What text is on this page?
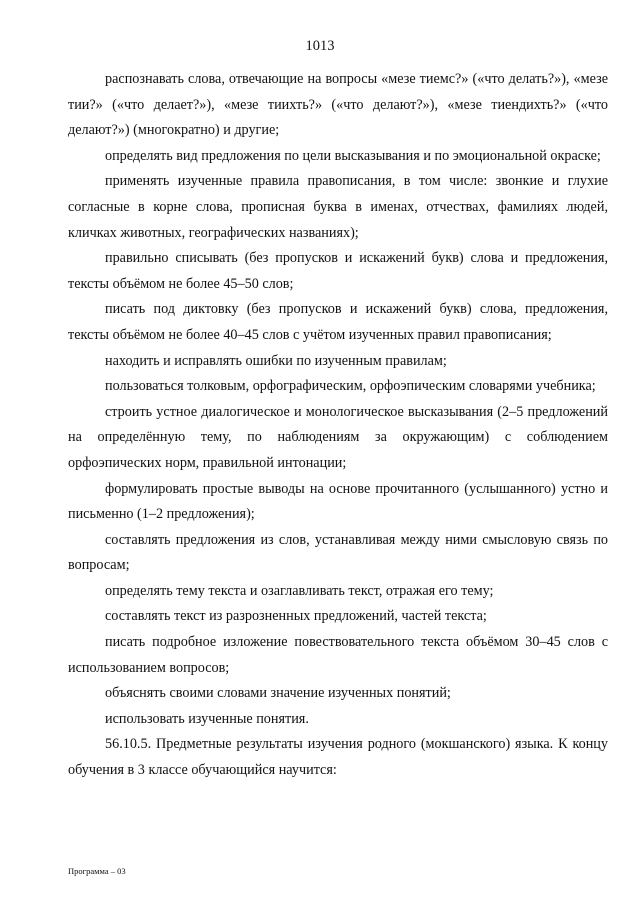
1013

распознавать слова, отвечающие на вопросы «мезе тиемс?» («что делать?»), «мезе тии?» («что делает?»), «мезе тиихть?» («что делают?»), «мезе тиендихть?» («что делают?») (многократно) и другие;

определять вид предложения по цели высказывания и по эмоциональной окраске;

применять изученные правила правописания, в том числе: звонкие и глухие согласные в корне слова, прописная буква в именах, отчествах, фамилиях людей, кличках животных, географических названиях);

правильно списывать (без пропусков и искажений букв) слова и предложения, тексты объёмом не более 45–50 слов;

писать под диктовку (без пропусков и искажений букв) слова, предложения, тексты объёмом не более 40–45 слов с учётом изученных правил правописания;

находить и исправлять ошибки по изученным правилам;

пользоваться толковым, орфографическим, орфоэпическим словарями учебника;

строить устное диалогическое и монологическое высказывания (2–5 предложений на определённую тему, по наблюдениям за окружающим) с соблюдением орфоэпических норм, правильной интонации;

формулировать простые выводы на основе прочитанного (услышанного) устно и письменно (1–2 предложения);

составлять предложения из слов, устанавливая между ними смысловую связь по вопросам;

определять тему текста и озаглавливать текст, отражая его тему;

составлять текст из разрозненных предложений, частей текста;

писать подробное изложение повествовательного текста объёмом 30–45 слов с использованием вопросов;

объяснять своими словами значение изученных понятий;

использовать изученные понятия.

56.10.5. Предметные результаты изучения родного (мокшанского) языка. К концу обучения в 3 классе обучающийся научится:

Программа – 03
